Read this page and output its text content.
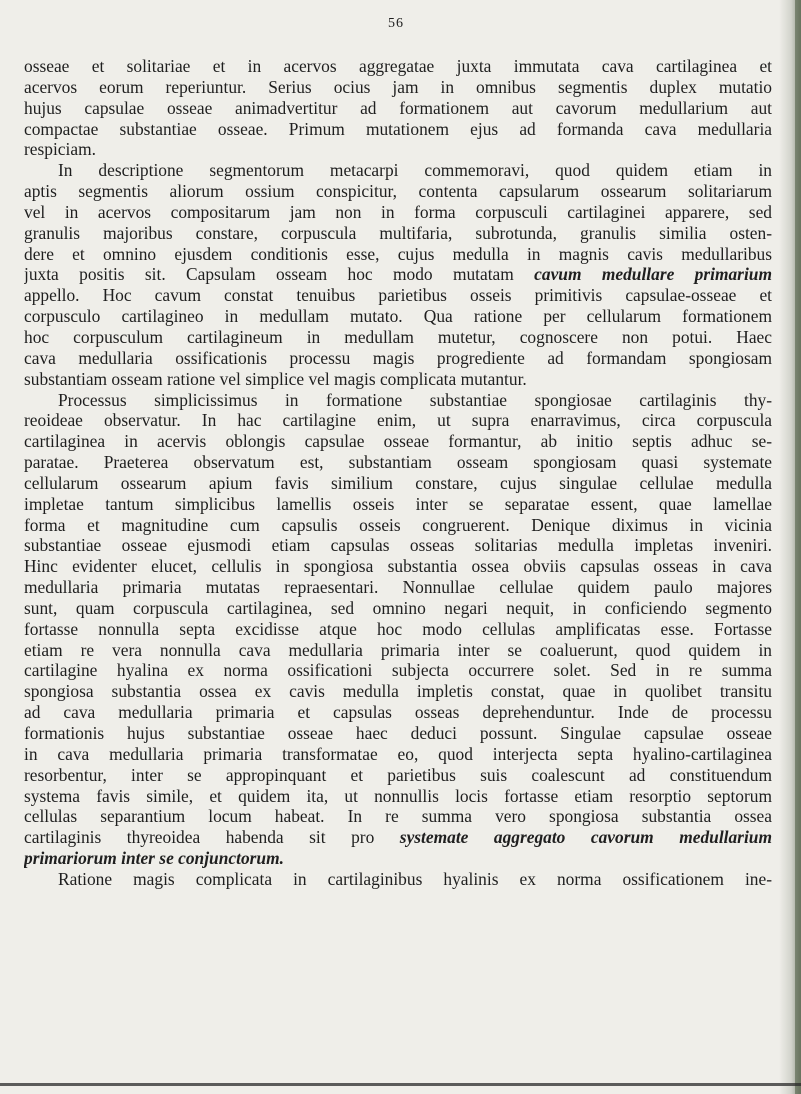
56

osseae et solitariae et in acervos aggregatae juxta immutata cava cartilaginea et
acervos eorum reperiuntur. Serius ocius jam in omnibus segmentis duplex mutatio
hujus capsulae osseae animadvertitur ad formationem aut cavorum medullarium aut
compactae substantiae osseae. Primum mutationem ejus ad formanda cava medullaria
respiciam.

In descriptione segmentorum metacarpi commemoravi, quod quidem etiam in
aptis segmentis aliorum ossium conspicitur, contenta capsularum ossearum solitariarum
vel in acervos compositarum jam non in forma corpusculi cartilaginei apparere, sed
granulis majoribus constare, corpuscula multifaria, subrotunda, granulis similia osten-
dere et omnino ejusdem conditionis esse, cujus medulla in magnis cavis medullaribus
juxta positis sit. Capsulam osseam hoc modo mutatam cavum medullare primarium
appello. Hoc cavum constat tenuibus parietibus osseis primitivis capsulae-osseae et
corpusculo cartilagineo in medullam mutato. Qua ratione per cellularum formationem
hoc corpusculum cartilagineum in medullam mutetur, cognoscere non potui. Haec
cava medullaria ossificationis processu magis progrediente ad formandam spongiosam
substantiam osseam ratione vel simplice vel magis complicata mutantur.

Processus simplicissimus in formatione substantiae spongiosae cartilaginis thy-
reoideae observatur. In hac cartilagine enim, ut supra enarravimus, circa corpuscula
cartilaginea in acervis oblongis capsulae osseae formantur, ab initio septis adhuc se-
paratae. Praeterea observatum est, substantiam osseam spongiosam quasi systemate
cellularum ossearum apium favis similium constare, cujus singulae cellulae medulla
impletae tantum simplicibus lamellis osseis inter se separatae essent, quae lamellae
forma et magnitudine cum capsulis osseis congruerent. Denique diximus in vicinia
substantiae osseae ejusmodi etiam capsulas osseas solitarias medulla impletas inveniri.
Hinc evidenter elucet, cellulis in spongiosa substantia ossea obviis capsulas osseas in cava
medullaria primaria mutatas repraesentari. Nonnullae cellulae quidem paulo majores
sunt, quam corpuscula cartilaginea, sed omnino negari nequit, in conficiendo segmento
fortasse nonnulla septa excidisse atque hoc modo cellulas amplificatas esse. Fortasse
etiam re vera nonnulla cava medullaria primaria inter se coaluerunt, quod quidem in
cartilagine hyalina ex norma ossificationi subjecta occurrere solet. Sed in re summa
spongiosa substantia ossea ex cavis medulla impletis constat, quae in quolibet transitu
ad cava medullaria primaria et capsulas osseas deprehenduntur. Inde de processu
formationis hujus substantiae osseae haec deduci possunt. Singulae capsulae osseae
in cava medullaria primaria transformatae eo, quod interjecta septa hyalino-cartilaginea
resorbentur, inter se appropinquant et parietibus suis coalescunt ad constituendum
systema favis simile, et quidem ita, ut nonnullis locis fortasse etiam resorptio septorum
cellulas separantium locum habeat. In re summa vero spongiosa substantia ossea
cartilaginis thyreoidea habenda sit pro systemate aggregato cavorum medullarium
primariorum inter se conjunctorum.

Ratione magis complicata in cartilaginibus hyalinis ex norma ossificationem ine-
